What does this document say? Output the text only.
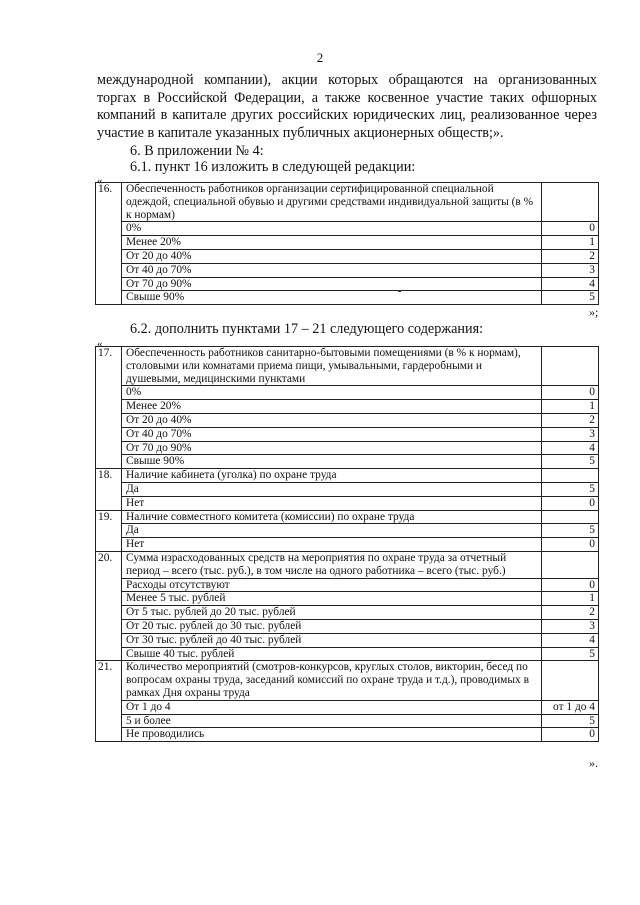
2

международной компании), акции которых обращаются на организованных торгах в Российской Федерации, а также косвенное участие таких офшорных компаний в капитале других российских юридических лиц, реализованное через участие в капитале указанных публичных акционерных обществ;».

6. В приложении № 4:
6.1. пункт 16 изложить в следующей редакции:
«
16.	Обеспеченность работников организации сертифицированной специальной одеждой, специальной обувью и другими средствами индивидуальной защиты (в % к нормам)	
	0%	0
	Менее 20%	1
	От 20 до 40%	2
	От 40 до 70%	3
	От 70 до 90%	4
	Свыше 90%	5
»;
6.2. дополнить пунктами 17 – 21 следующего содержания:
«
17.	Обеспеченность работников санитарно-бытовыми помещениями (в % к нормам), столовыми или комнатами приема пищи, умывальными, гардеробными и душевыми, медицинскими пунктами	
	0%	0
	Менее 20%	1
	От 20 до 40%	2
	От 40 до 70%	3
	От 70 до 90%	4
	Свыше 90%	5
18.	Наличие кабинета (уголка) по охране труда	
	Да	5
	Нет	0
19.	Наличие совместного комитета (комиссии) по охране труда	
	Да	5
	Нет	0
20.	Сумма израсходованных средств на мероприятия по охране труда за отчетный период – всего (тыс. руб.), в том числе на одного работника – всего (тыс. руб.)	
	Расходы отсутствуют	0
	Менее 5 тыс. рублей	1
	От 5 тыс. рублей до 20 тыс. рублей	2
	От 20 тыс. рублей до 30 тыс. рублей	3
	От 30 тыс. рублей до 40 тыс. рублей	4
	Свыше 40 тыс. рублей	5
21.	Количество мероприятий (смотров-конкурсов, круглых столов, викторин, бесед по вопросам охраны труда, заседаний комиссий по охране труда и т.д.), проводимых в рамках Дня охраны труда	
	От 1 до 4	от 1 до 4
	5 и более	5
	Не проводились	0
».
